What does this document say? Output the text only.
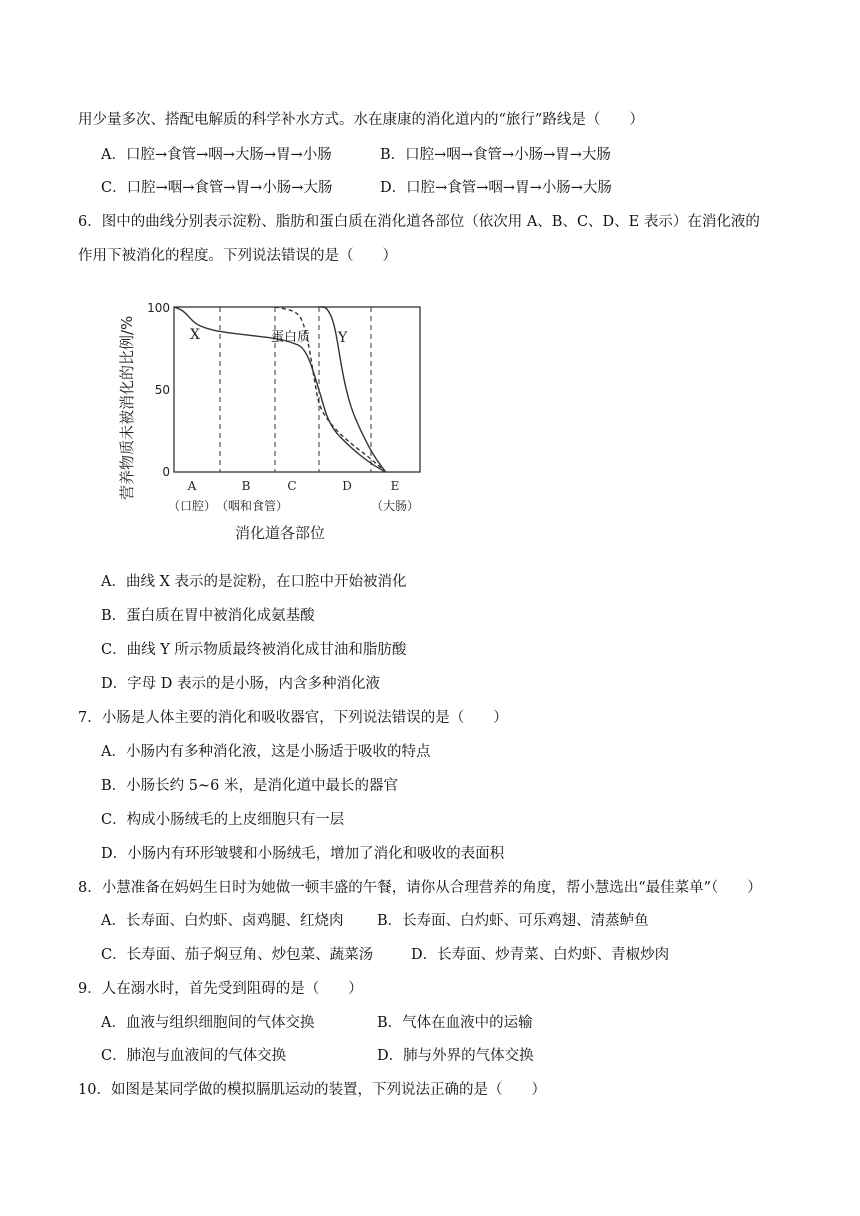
用少量多次、搭配电解质的科学补水方式。水在康康的消化道内的“旅行”路线是（　　）
A．口腔→食管→咽→大肠→胃→小肠	B．口腔→咽→食管→小肠→胃→大肠
C．口腔→咽→食管→胃→小肠→大肠	D．口腔→食管→咽→胃→小肠→大肠
6．图中的曲线分别表示淀粉、脂肪和蛋白质在消化道各部位（依次用 A、B、C、D、E 表示）在消化液的
作用下被消化的程度。下列说法错误的是（　　）
营养物质未被消化的比例/%
100
50
0
X	蛋白质 Y
A	B	C	D	E
（口腔） （咽和食管）	（大肠）
消化道各部位
A．曲线 X 表示的是淀粉，在口腔中开始被消化
B．蛋白质在胃中被消化成氨基酸
C．曲线 Y 所示物质最终被消化成甘油和脂肪酸
D．字母 D 表示的是小肠，内含多种消化液
7．小肠是人体主要的消化和吸收器官，下列说法错误的是（　　）
A．小肠内有多种消化液，这是小肠适于吸收的特点
B．小肠长约 5~6 米，是消化道中最长的器官
C．构成小肠绒毛的上皮细胞只有一层
D．小肠内有环形皱襞和小肠绒毛，增加了消化和吸收的表面积
8．小慧准备在妈妈生日时为她做一顿丰盛的午餐，请你从合理营养的角度，帮小慧选出“最佳菜单”（　　）
A．长寿面、白灼虾、卤鸡腿、红烧肉 B．长寿面、白灼虾、可乐鸡翅、清蒸鲈鱼
C．长寿面、茄子焖豆角、炒包菜、蔬菜汤	D．长寿面、炒青菜、白灼虾、青椒炒肉
9．人在溺水时，首先受到阻碍的是（　　）
A．血液与组织细胞间的气体交换	B．气体在血液中的运输
C．肺泡与血液间的气体交换	D．肺与外界的气体交换
10．如图是某同学做的模拟膈肌运动的装置，下列说法正确的是（　　）
